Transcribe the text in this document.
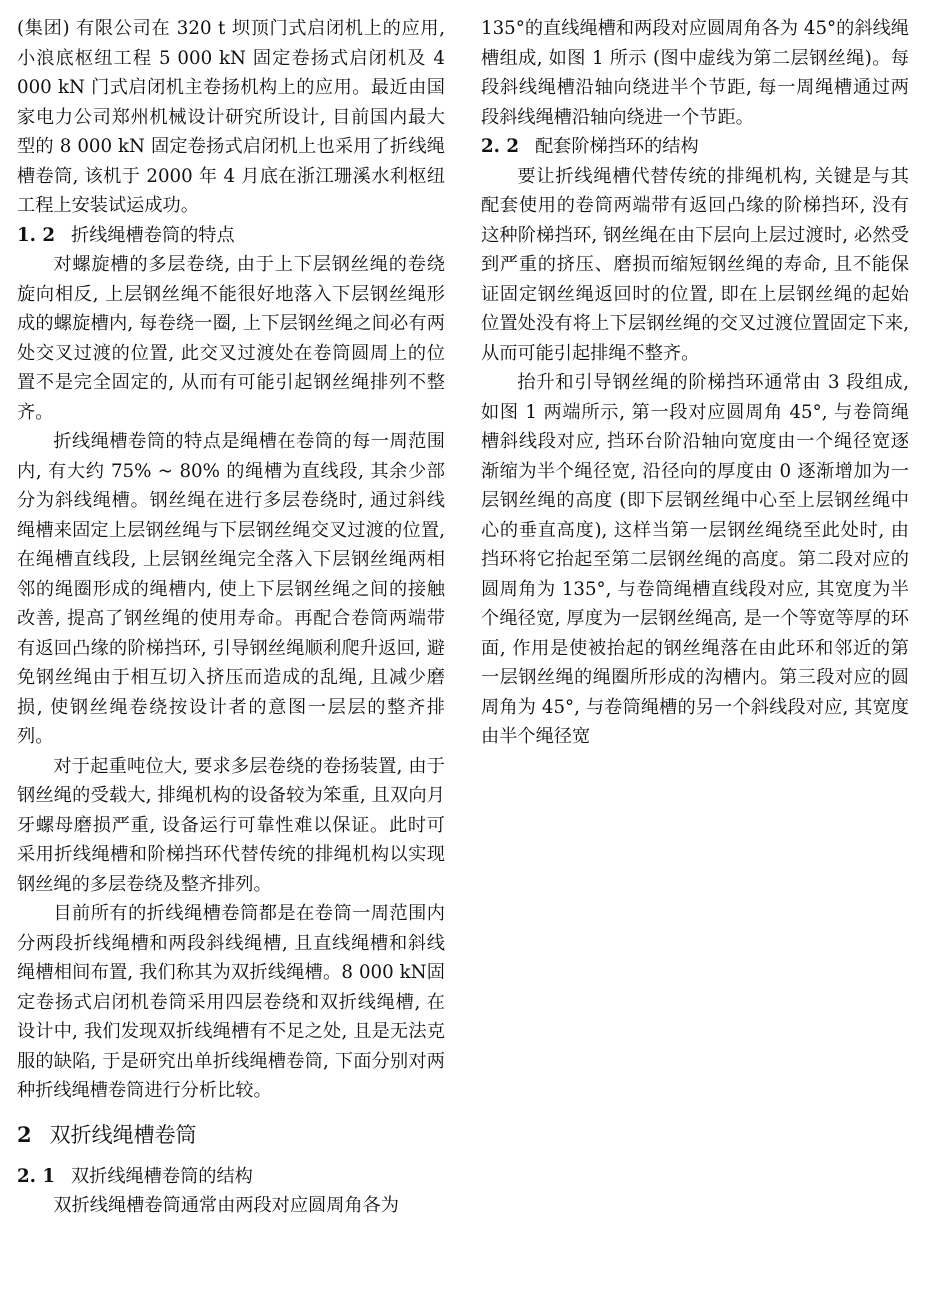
(集团) 有限公司在 320 t 坝顶门式启闭机上的应用, 小浪底枢纽工程 5 000 kN 固定卷扬式启闭机及 4 000 kN 门式启闭机主卷扬机构上的应用。最近由国家电力公司郑州机械设计研究所设计, 目前国内最大型的 8 000 kN 固定卷扬式启闭机上也采用了折线绳槽卷筒, 该机于 2000 年 4 月底在浙江珊溪水利枢纽工程上安装试运成功。

1. 2 折线绳槽卷筒的特点

对螺旋槽的多层卷绕, 由于上下层钢丝绳的卷绕旋向相反, 上层钢丝绳不能很好地落入下层钢丝绳形成的螺旋槽内, 每卷绕一圈, 上下层钢丝绳之间必有两处交叉过渡的位置, 此交叉过渡处在卷筒圆周上的位置不是完全固定的, 从而有可能引起钢丝绳排列不整齐。

折线绳槽卷筒的特点是绳槽在卷筒的每一周范围内, 有大约 75% ~ 80% 的绳槽为直线段, 其余少部分为斜线绳槽。钢丝绳在进行多层卷绕时, 通过斜线绳槽来固定上层钢丝绳与下层钢丝绳交叉过渡的位置, 在绳槽直线段, 上层钢丝绳完全落入下层钢丝绳两相邻的绳圈形成的绳槽内, 使上下层钢丝绳之间的接触改善, 提高了钢丝绳的使用寿命。再配合卷筒两端带有返回凸缘的阶梯挡环, 引导钢丝绳顺利爬升返回, 避免钢丝绳由于相互切入挤压而造成的乱绳, 且减少磨损, 使钢丝绳卷绕按设计者的意图一层层的整齐排列。

对于起重吨位大, 要求多层卷绕的卷扬装置, 由于钢丝绳的受载大, 排绳机构的设备较为笨重, 且双向月牙螺母磨损严重, 设备运行可靠性难以保证。此时可采用折线绳槽和阶梯挡环代替传统的排绳机构以实现钢丝绳的多层卷绕及整齐排列。

目前所有的折线绳槽卷筒都是在卷筒一周范围内分两段折线绳槽和两段斜线绳槽, 且直线绳槽和斜线绳槽相间布置, 我们称其为双折线绳槽。8 000 kN固定卷扬式启闭机卷筒采用四层卷绕和双折线绳槽, 在设计中, 我们发现双折线绳槽有不足之处, 且是无法克服的缺陷, 于是研究出单折线绳槽卷筒, 下面分别对两种折线绳槽卷筒进行分析比较。

2 双折线绳槽卷筒
2. 1 双折线绳槽卷筒的结构

双折线绳槽卷筒通常由两段对应圆周角各为

135°的直线绳槽和两段对应圆周角各为 45°的斜线绳槽组成, 如图 1 所示 (图中虚线为第二层钢丝绳)。每段斜线绳槽沿轴向绕进半个节距, 每一周绳槽通过两段斜线绳槽沿轴向绕进一个节距。

2. 2 配套阶梯挡环的结构

要让折线绳槽代替传统的排绳机构, 关键是与其配套使用的卷筒两端带有返回凸缘的阶梯挡环, 没有这种阶梯挡环, 钢丝绳在由下层向上层过渡时, 必然受到严重的挤压、磨损而缩短钢丝绳的寿命, 且不能保证固定钢丝绳返回时的位置, 即在上层钢丝绳的起始位置处没有将上下层钢丝绳的交叉过渡位置固定下来, 从而可能引起排绳不整齐。

抬升和引导钢丝绳的阶梯挡环通常由 3 段组成, 如图 1 两端所示, 第一段对应圆周角 45°, 与卷筒绳槽斜线段对应, 挡环台阶沿轴向宽度由一个绳径宽逐渐缩为半个绳径宽, 沿径向的厚度由 0 逐渐增加为一层钢丝绳的高度 (即下层钢丝绳中心至上层钢丝绳中心的垂直高度), 这样当第一层钢丝绳绕至此处时, 由挡环将它抬起至第二层钢丝绳的高度。第二段对应的圆周角为 135°, 与卷筒绳槽直线段对应, 其宽度为半个绳径宽, 厚度为一层钢丝绳高, 是一个等宽等厚的环面, 作用是使被抬起的钢丝绳落在由此环和邻近的第一层钢丝绳的绳圈所形成的沟槽内。第三段对应的圆周角为 45°, 与卷筒绳槽的另一个斜线段对应, 其宽度由半个绳径宽
